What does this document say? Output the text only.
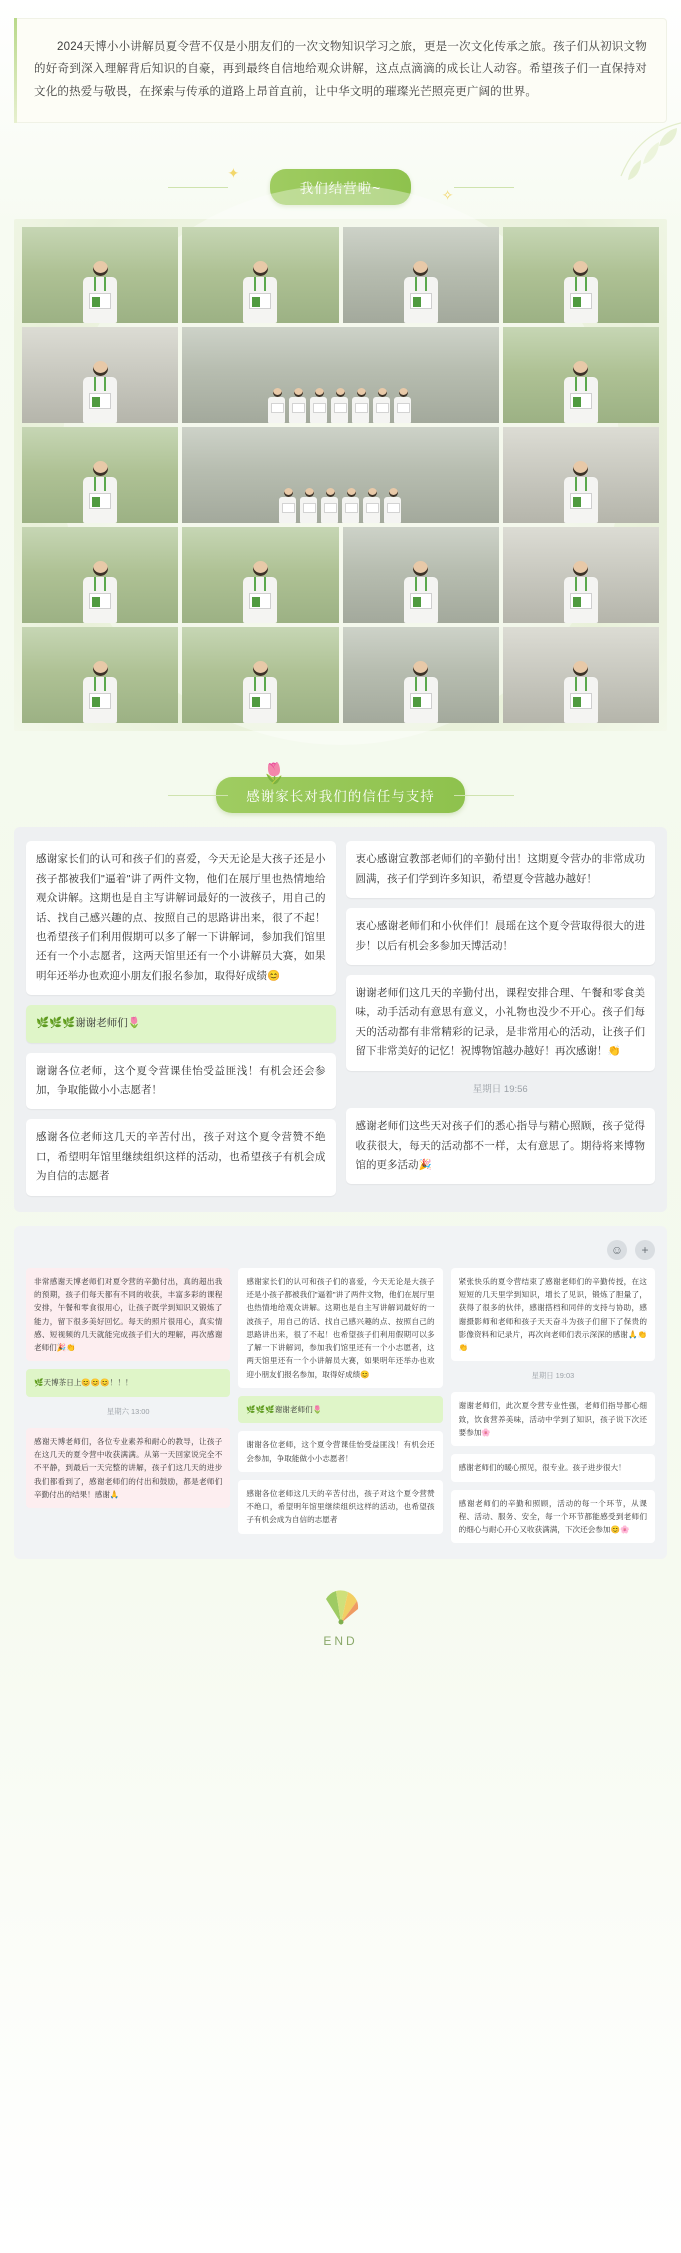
2024天博小小讲解员夏令营不仅是小朋友们的一次文物知识学习之旅，更是一次文化传承之旅。孩子们从初识文物的好奇到深入理解背后知识的自豪，再到最终自信地给观众讲解，这点点滴滴的成长让人动容。希望孩子们一直保持对文化的热爱与敬畏，在探索与传承的道路上昂首直前，让中华文明的璀璨光芒照亮更广阔的世界。

✦
✧
🌷
感谢家长对我们的信任与支持
感谢家长们的认可和孩子们的喜爱，今天无论是大孩子还是小孩子都被我们"逼着"讲了两件文物，他们在展厅里也热情地给观众讲解。这期也是自主写讲解词最好的一波孩子，用自己的话、找自己感兴趣的点、按照自己的思路讲出来，很了不起！也希望孩子们利用假期可以多了解一下讲解词，参加我们馆里还有一个小志愿者，这两天馆里还有一个小讲解员大赛，如果明年还举办也欢迎小朋友们报名参加，取得好成绩😊
🌿🌿🌿谢谢老师们🌷
谢谢各位老师，这个夏令营课佳怡受益匪浅！有机会还会参加，争取能做小小志愿者！
感谢各位老师这几天的辛苦付出，孩子对这个夏令营赞不绝口，希望明年馆里继续组织这样的活动，也希望孩子有机会成为自信的志愿者
衷心感谢宣教部老师们的辛勤付出！这期夏令营办的非常成功圆满，孩子们学到许多知识，希望夏令营越办越好！
衷心感谢老师们和小伙伴们！晨瑶在这个夏令营取得很大的进步！以后有机会多参加天博活动！
谢谢老师们这几天的辛勤付出，课程安排合理、午餐和零食美味，动手活动有意思有意义，小礼物也没少不开心。孩子们每天的活动都有非常精彩的记录，是非常用心的活动，让孩子们留下非常美好的记忆！祝博物馆越办越好！再次感谢！👏
星期日 19:56
感谢老师们这些天对孩子们的悉心指导与精心照顾，孩子觉得收获很大，每天的活动都不一样，太有意思了。期待将来博物馆的更多活动🎉
☺	+
非常感谢天博老师们对夏令营的辛勤付出，真的超出我的预期，孩子们每天都有不同的收获，丰富多彩的课程安排，午餐和零食很用心，让孩子既学到知识又锻炼了能力，留下很多美好回忆。每天的照片很用心，真实情感、短视频的几天就能完成孩子们大的理解，再次感谢老师们🎉👏
🌿天博茶日上😊😊😊！！！
星期六 13:00
感谢天博老师们，各位专业素养和耐心的教导，让孩子在这几天的夏令营中收获满满。从第一天回家说完全不不平静，到最后一天完整的讲解，孩子们这几天的进步我们都看到了，感谢老师们的付出和鼓励，都是老师们辛勤付出的结果！感谢🙏
感谢家长们的认可和孩子们的喜爱，今天无论是大孩子还是小孩子都被我们"逼着"讲了两件文物，他们在展厅里也热情地给观众讲解。这期也是自主写讲解词最好的一波孩子，用自己的话、找自己感兴趣的点、按照自己的思路讲出来，很了不起！也希望孩子们利用假期可以多了解一下讲解词，参加我们馆里还有一个小志愿者，这两天馆里还有一个小讲解员大赛，如果明年还举办也欢迎小朋友们报名参加，取得好成绩😊
🌿🌿🌿谢谢老师们🌷
谢谢各位老师，这个夏令营课佳怡受益匪浅！有机会还会参加，争取能做小小志愿者！
感谢各位老师这几天的辛苦付出，孩子对这个夏令营赞不绝口，希望明年馆里继续组织这样的活动，也希望孩子有机会成为自信的志愿者
紧张快乐的夏令营结束了感谢老师们的辛勤传授，在这短短的几天里学到知识，增长了见识，锻炼了胆量了，获得了很多的伙伴，感谢搭档和同伴的支持与协助，感谢摄影师和老师和孩子天天奋斗为孩子们留下了保贵的影像资料和记录片，再次向老师们表示深深的感谢🙏👏👏
星期日 19:03
谢谢老师们，此次夏令营专业性强，老师们指导都心细致，饮食营养美味，活动中学到了知识，孩子说下次还要参加🌸
感谢老师们的暖心照见，很专业。孩子进步很大！
感谢老师们的辛勤和照顾，活动的每一个环节，从课程、活动、服务、安全，每一个环节都能感受到老师们的细心与耐心开心又收获满满，下次还会参加😊🌸
END
